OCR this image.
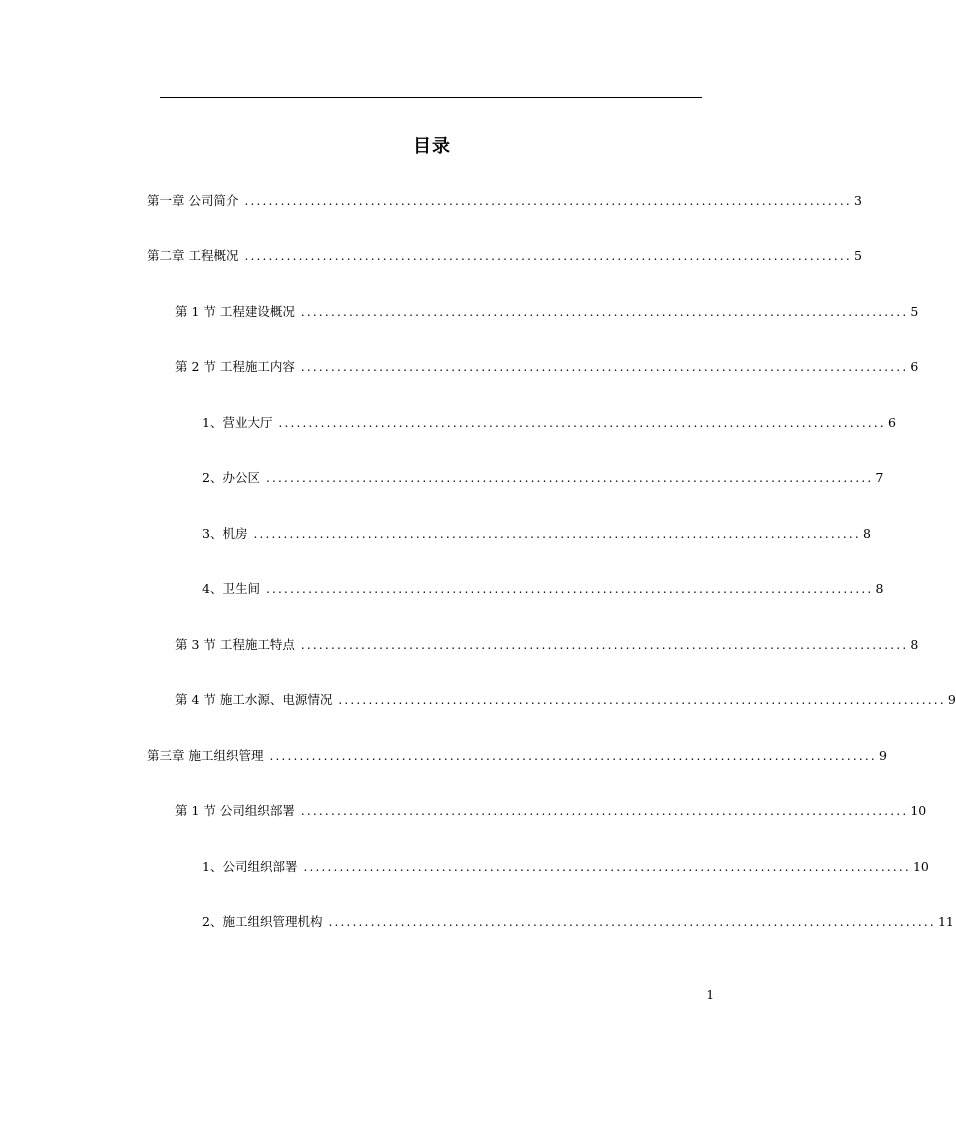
目录
第一章 公司简介 ..................................................................................................... 3
第二章 工程概况 ..................................................................................................... 5
第 1 节 工程建设概况 ..................................................................................................... 5
第 2 节 工程施工内容 ..................................................................................................... 6
1、 营业大厅 ..................................................................................................... 6
2、 办公区 ..................................................................................................... 7
3、 机房 ..................................................................................................... 8
4、 卫生间 ..................................................................................................... 8
第 3 节 工程施工特点 ..................................................................................................... 8
第 4 节 施工水源、电源情况 ..................................................................................................... 9
第三章 施工组织管理 ..................................................................................................... 9
第 1 节 公司组织部署 ..................................................................................................... 10
1、 公司组织部署 ..................................................................................................... 10
2、 施工组织管理机构 ..................................................................................................... 11
1
